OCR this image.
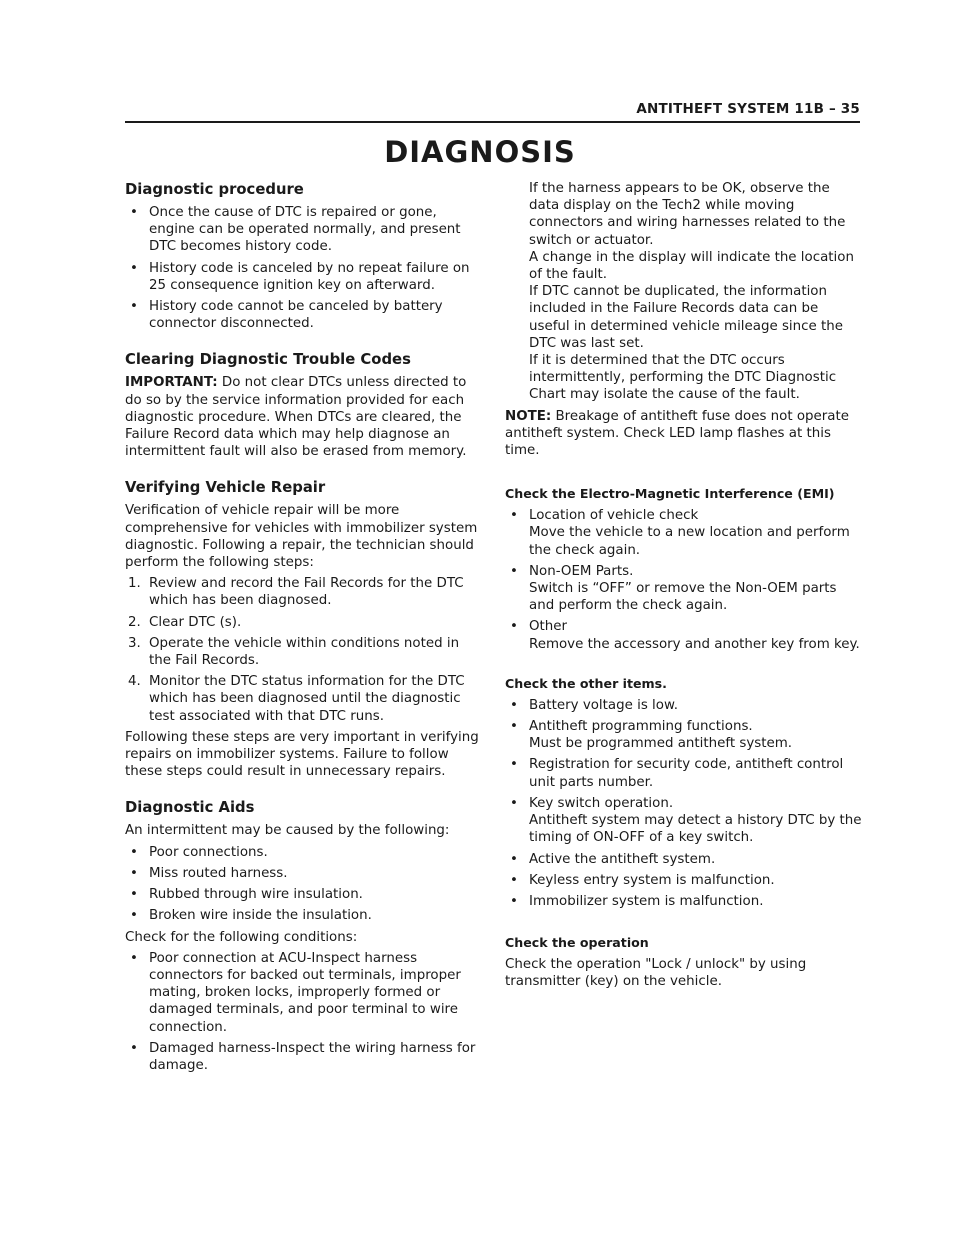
ANTITHEFT SYSTEM 11B – 35
DIAGNOSIS
Diagnostic procedure
• Once the cause of DTC is repaired or gone, engine can be operated normally, and present DTC becomes history code.
• History code is canceled by no repeat failure on 25 consequence ignition key on afterward.
• History code cannot be canceled by battery connector disconnected.
Clearing Diagnostic Trouble Codes

IMPORTANT: Do not clear DTCs unless directed to do so by the service information provided for each diagnostic procedure. When DTCs are cleared, the Failure Record data which may help diagnose an intermittent fault will also be erased from memory.

Verifying Vehicle Repair

Verification of vehicle repair will be more comprehensive for vehicles with immobilizer system diagnostic. Following a repair, the technician should perform the following steps:

1. Review and record the Fail Records for the DTC which has been diagnosed.
2. Clear DTC (s).
3. Operate the vehicle within conditions noted in the Fail Records.
4. Monitor the DTC status information for the DTC which has been diagnosed until the diagnostic test associated with that DTC runs.

Following these steps are very important in verifying repairs on immobilizer systems. Failure to follow these steps could result in unnecessary repairs.

Diagnostic Aids

An intermittent may be caused by the following:

• Poor connections.
• Miss routed harness.
• Rubbed through wire insulation.
• Broken wire inside the insulation.

Check for the following conditions:

• Poor connection at ACU-Inspect harness connectors for backed out terminals, improper mating, broken locks, improperly formed or damaged terminals, and poor terminal to wire connection.
• Damaged harness-Inspect the wiring harness for damage.
If the harness appears to be OK, observe the data display on the Tech2 while moving connectors and wiring harnesses related to the switch or actuator.
A change in the display will indicate the location of the fault.
If DTC cannot be duplicated, the information included in the Failure Records data can be useful in determined vehicle mileage since the DTC was last set.
If it is determined that the DTC occurs intermittently, performing the DTC Diagnostic Chart may isolate the cause of the fault.

NOTE: Breakage of antitheft fuse does not operate antitheft system. Check LED lamp flashes at this time.

Check the Electro-Magnetic Interference (EMI)
• Location of vehicle check
Move the vehicle to a new location and perform the check again.
• Non-OEM Parts.
Switch is “OFF” or remove the Non-OEM parts and perform the check again.
• Other
Remove the accessory and another key from key.
Check the other items.
• Battery voltage is low.
• Antitheft programming functions.
Must be programmed antitheft system.
• Registration for security code, antitheft control unit parts number.
• Key switch operation.
Antitheft system may detect a history DTC by the timing of ON-OFF of a key switch.
• Active the antitheft system.
• Keyless entry system is malfunction.
• Immobilizer system is malfunction.
Check the operation

Check the operation "Lock / unlock" by using transmitter (key) on the vehicle.
